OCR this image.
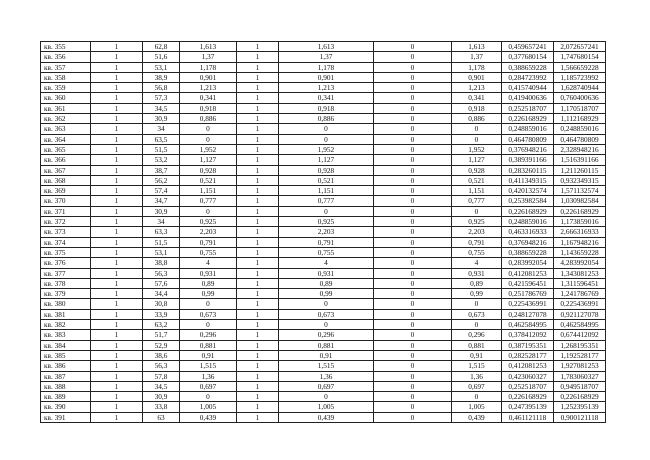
кв. 355	1	62,8	1,613	1	1,613	0	1,613	0,459657241	2,072657241
кв. 356	1	51,6	1,37	1	1,37	0	1,37	0,377680154	1,747680154
кв. 357	1	53,1	1,178	1	1,178	0	1,178	0,388659228	1,566659228
кв. 358	1	38,9	0,901	1	0,901	0	0,901	0,284723992	1,185723992
кв. 359	1	56,8	1,213	1	1,213	0	1,213	0,415740944	1,628740944
кв. 360	1	57,3	0,341	1	0,341	0	0,341	0,419400636	0,760400636
кв. 361	1	34,5	0,918	1	0,918	0	0,918	0,252518707	1,170518707
кв. 362	1	30,9	0,886	1	0,886	0	0,886	0,226168929	1,112168929
кв. 363	1	34	0	1	0	0	0	0,248859016	0,248859016
кв. 364	1	63,5	0	1	0	0	0	0,464780809	0,464780809
кв. 365	1	51,5	1,952	1	1,952	0	1,952	0,376948216	2,328948216
кв. 366	1	53,2	1,127	1	1,127	0	1,127	0,389391166	1,516391166
кв. 367	1	38,7	0,928	1	0,928	0	0,928	0,283260115	1,211260115
кв. 368	1	56,2	0,521	1	0,521	0	0,521	0,411349315	0,932349315
кв. 369	1	57,4	1,151	1	1,151	0	1,151	0,420132574	1,571132574
кв. 370	1	34,7	0,777	1	0,777	0	0,777	0,253982584	1,030982584
кв. 371	1	30,9	0	1	0	0	0	0,226168929	0,226168929
кв. 372	1	34	0,925	1	0,925	0	0,925	0,248859016	1,173859016
кв. 373	1	63,3	2,203	1	2,203	0	2,203	0,463316933	2,666316933
кв. 374	1	51,5	0,791	1	0,791	0	0,791	0,376948216	1,167948216
кв. 375	1	53,1	0,755	1	0,755	0	0,755	0,388659228	1,143659228
кв. 376	1	38,8	4	1	4	0	4	0,283992054	4,283992054
кв. 377	1	56,3	0,931	1	0,931	0	0,931	0,412081253	1,343081253
кв. 378	1	57,6	0,89	1	0,89	0	0,89	0,421596451	1,311596451
кв. 379	1	34,4	0,99	1	0,99	0	0,99	0,251786769	1,241786769
кв. 380	1	30,8	0	1	0	0	0	0,225436991	0,225436991
кв. 381	1	33,9	0,673	1	0,673	0	0,673	0,248127078	0,921127078
кв. 382	1	63,2	0	1	0	0	0	0,462584995	0,462584995
кв. 383	1	51,7	0,296	1	0,296	0	0,296	0,378412092	0,674412092
кв. 384	1	52,9	0,881	1	0,881	0	0,881	0,387195351	1,268195351
кв. 385	1	38,6	0,91	1	0,91	0	0,91	0,282528177	1,192528177
кв. 386	1	56,3	1,515	1	1,515	0	1,515	0,412081253	1,927081253
кв. 387	1	57,8	1,36	1	1,36	0	1,36	0,423060327	1,783060327
кв. 388	1	34,5	0,697	1	0,697	0	0,697	0,252518707	0,949518707
кв. 389	1	30,9	0	1	0	0	0	0,226168929	0,226168929
кв. 390	1	33,8	1,005	1	1,005	0	1,005	0,247395139	1,252395139
кв. 391	1	63	0,439	1	0,439	0	0,439	0,461121118	0,900121118
